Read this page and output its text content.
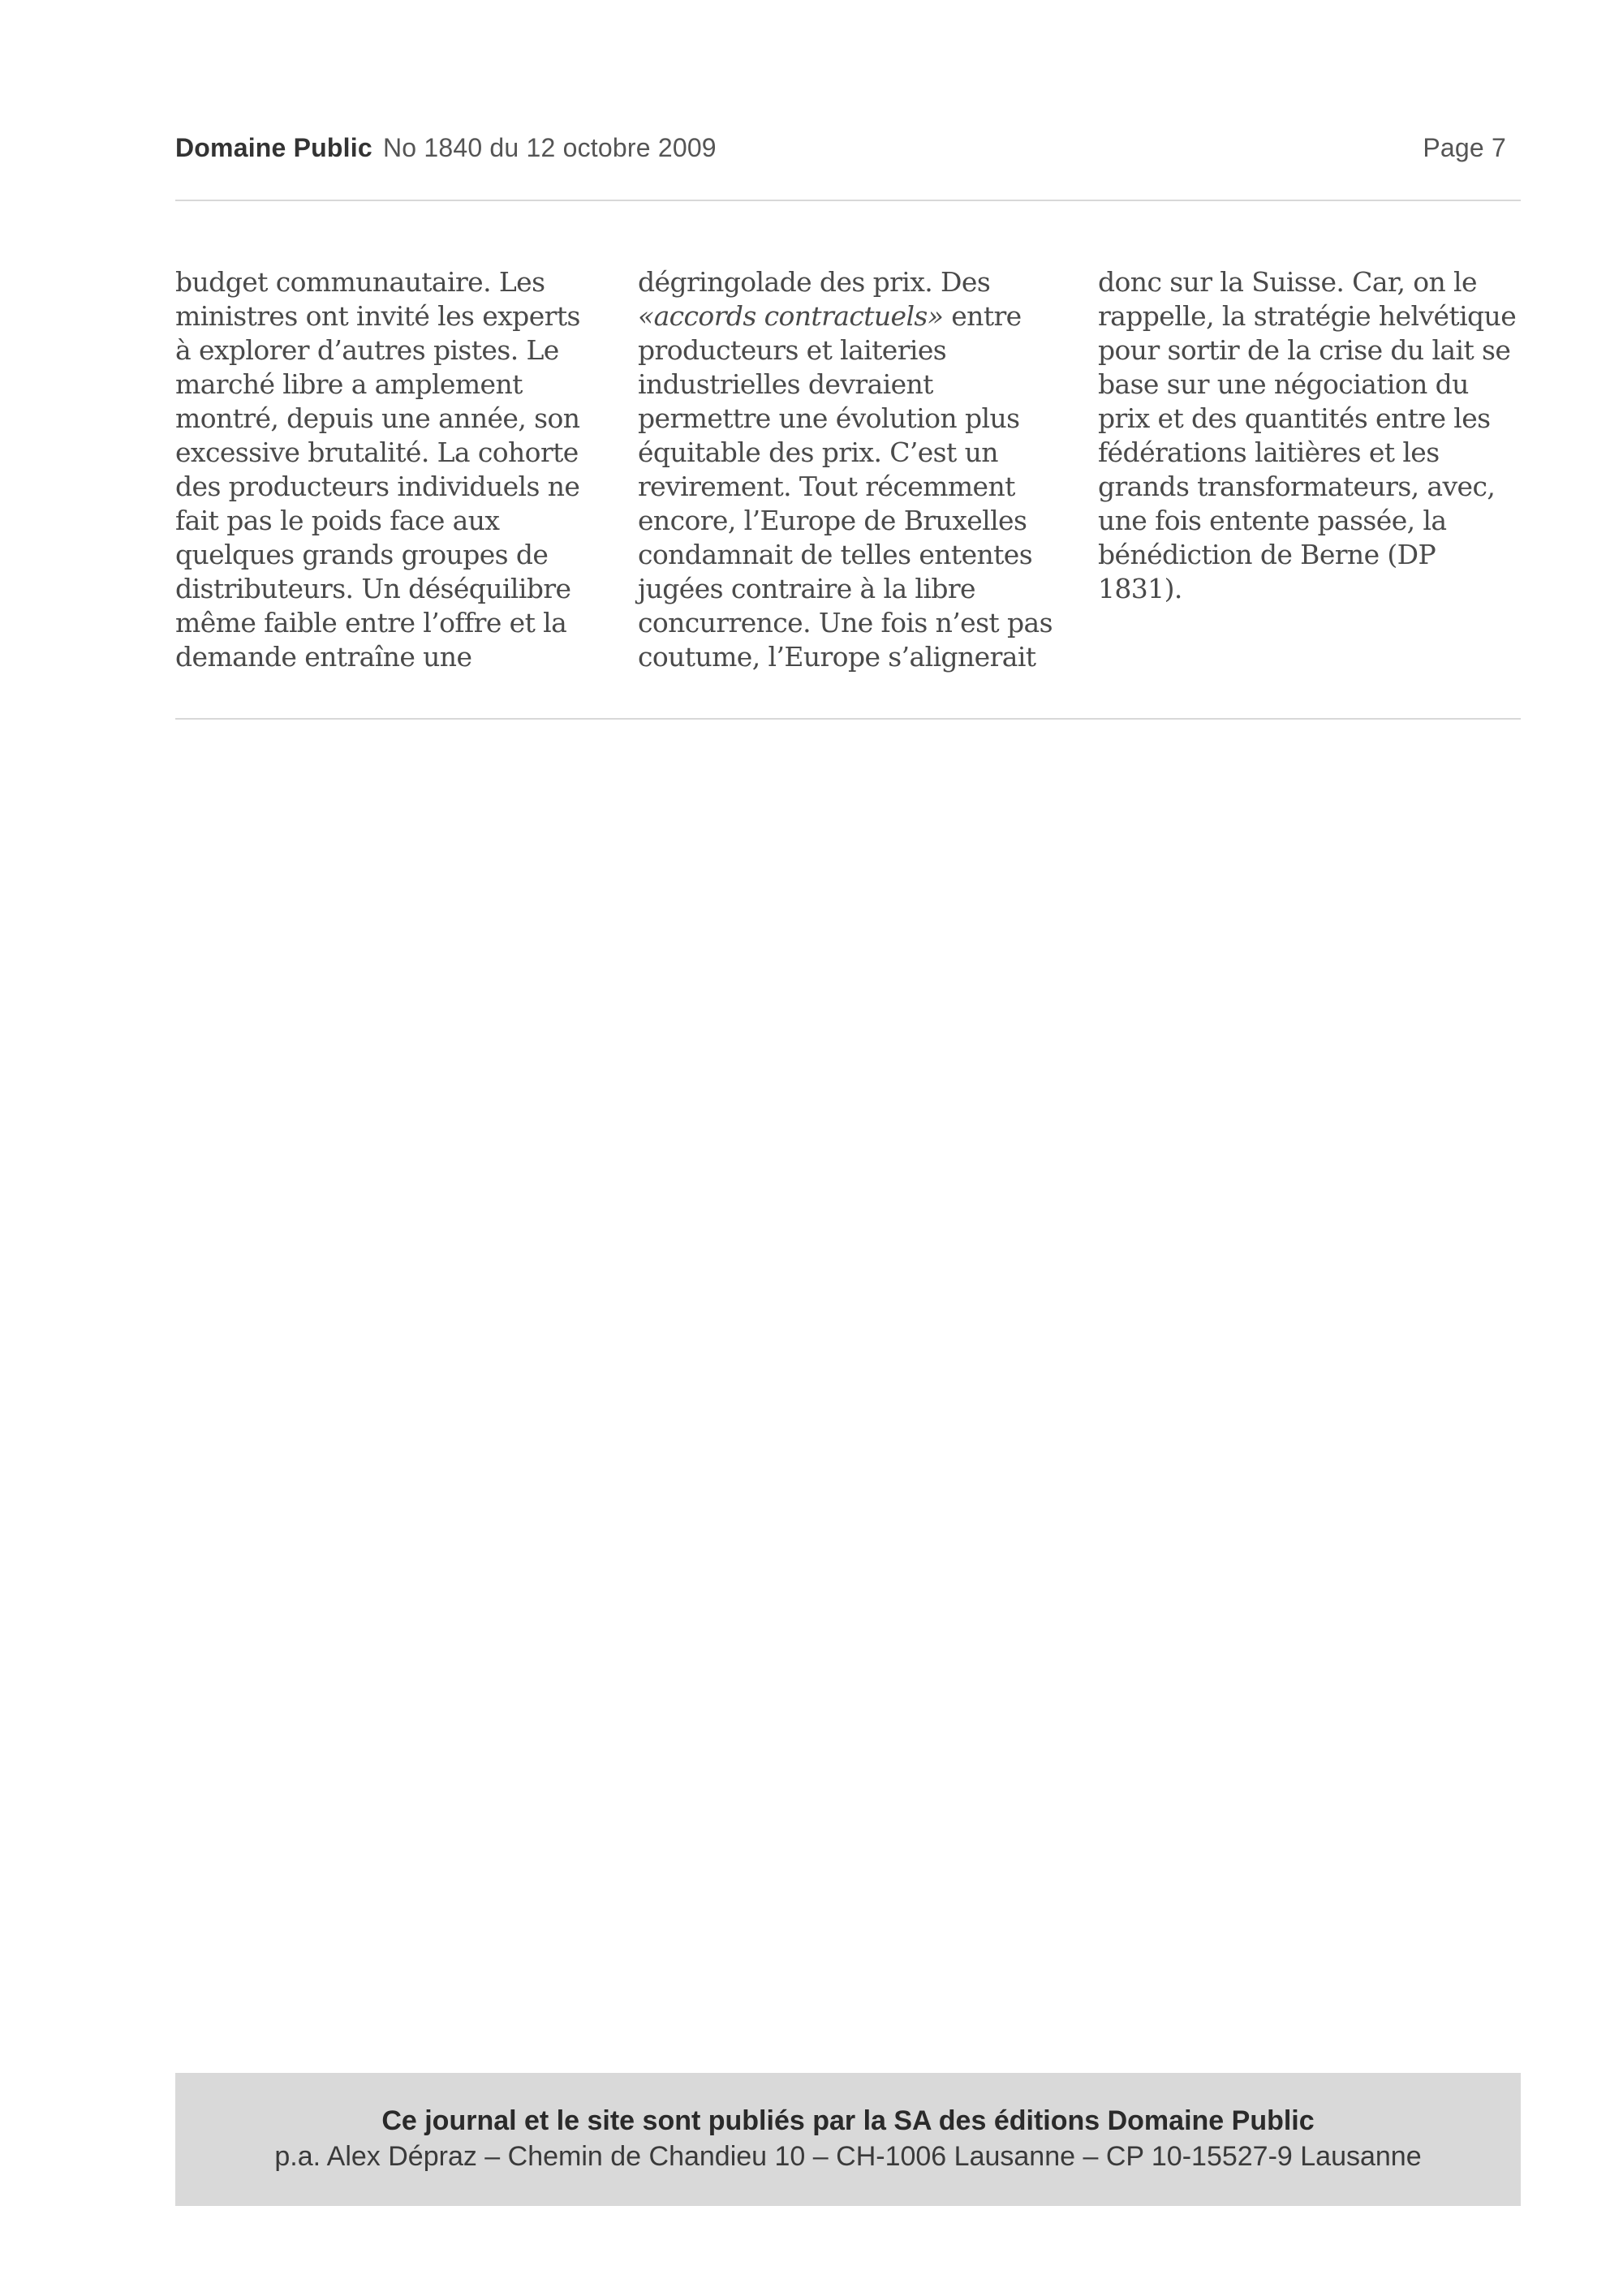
Domaine Public No 1840 du 12 octobre 2009	Page 7
budget communautaire. Les
ministres ont invité les experts
à explorer d’autres pistes. Le
marché libre a amplement
montré, depuis une année, son
excessive brutalité. La cohorte
des producteurs individuels ne
fait pas le poids face aux
quelques grands groupes de
distributeurs. Un déséquilibre
même faible entre l’offre et la
demande entraîne une
dégringolade des prix. Des
«accords contractuels» entre
producteurs et laiteries
industrielles devraient
permettre une évolution plus
équitable des prix. C’est un
revirement. Tout récemment
encore, l’Europe de Bruxelles
condamnait de telles ententes
jugées contraire à la libre
concurrence. Une fois n’est pas
coutume, l’Europe s’alignerait
donc sur la Suisse. Car, on le
rappelle, la stratégie helvétique
pour sortir de la crise du lait se
base sur une négociation du
prix et des quantités entre les
fédérations laitières et les
grands transformateurs, avec,
une fois entente passée, la
bénédiction de Berne (DP
1831).
Ce journal et le site sont publiés par la SA des éditions Domaine Public
p.a. Alex Dépraz – Chemin de Chandieu 10 – CH-1006 Lausanne – CP 10-15527-9 Lausanne
